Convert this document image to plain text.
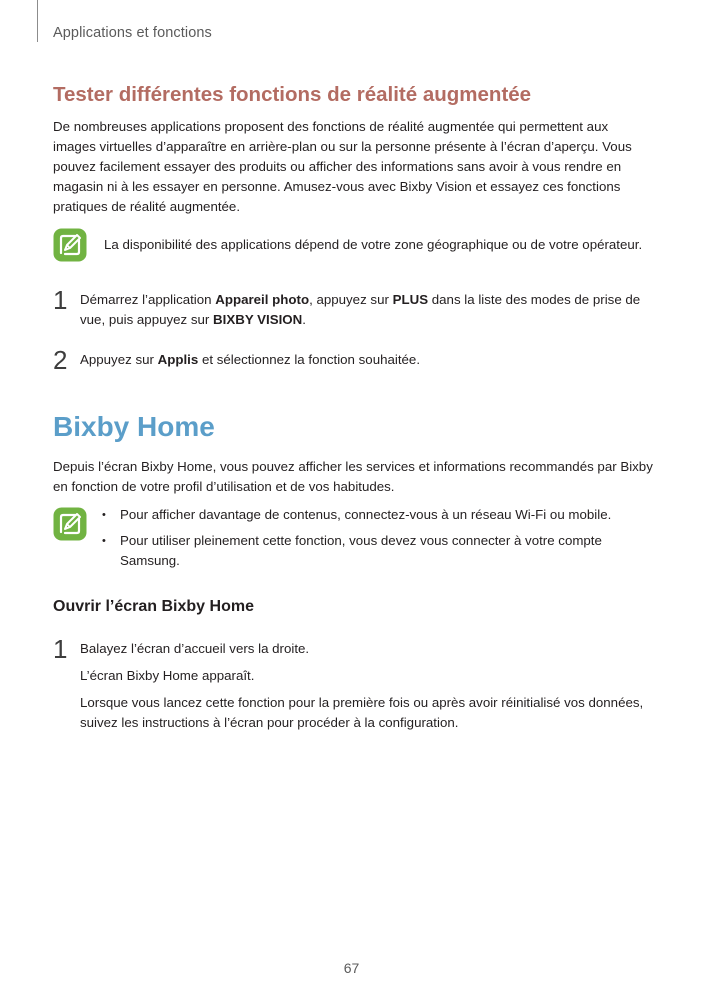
Applications et fonctions
Tester différentes fonctions de réalité augmentée
De nombreuses applications proposent des fonctions de réalité augmentée qui permettent aux images virtuelles d’apparaître en arrière-plan ou sur la personne présente à l’écran d’aperçu. Vous pouvez facilement essayer des produits ou afficher des informations sans avoir à vous rendre en magasin ni à les essayer en personne. Amusez-vous avec Bixby Vision et essayez ces fonctions pratiques de réalité augmentée.
La disponibilité des applications dépend de votre zone géographique ou de votre opérateur.
1 Démarrez l’application Appareil photo, appuyez sur PLUS dans la liste des modes de prise de vue, puis appuyez sur BIXBY VISION.
2 Appuyez sur Applis et sélectionnez la fonction souhaitée.
Bixby Home
Depuis l’écran Bixby Home, vous pouvez afficher les services et informations recommandés par Bixby en fonction de votre profil d’utilisation et de vos habitudes.
• Pour afficher davantage de contenus, connectez-vous à un réseau Wi-Fi ou mobile.
• Pour utiliser pleinement cette fonction, vous devez vous connecter à votre compte Samsung.
Ouvrir l’écran Bixby Home
1 Balayez l’écran d’accueil vers la droite.
L’écran Bixby Home apparaît.
Lorsque vous lancez cette fonction pour la première fois ou après avoir réinitialisé vos données, suivez les instructions à l’écran pour procéder à la configuration.
67
